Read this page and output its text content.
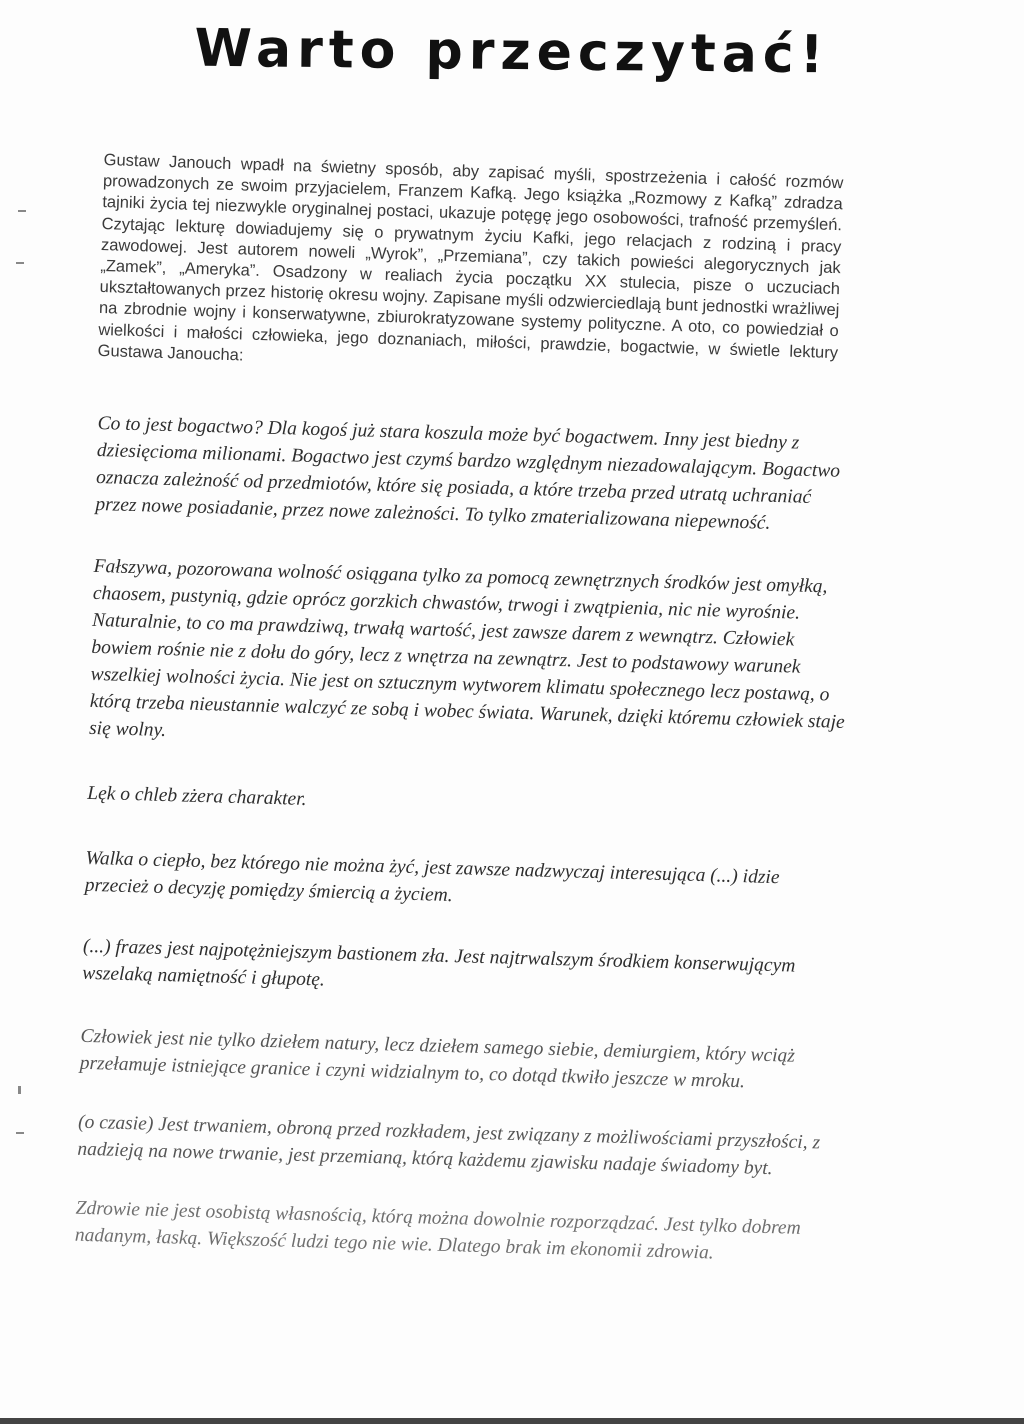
Warto przeczytać!
Gustaw Janouch wpadł na świetny sposób, aby zapisać myśli, spostrzeżenia i całość rozmów prowadzonych ze swoim przyjacielem, Franzem Kafką. Jego książka „Rozmowy z Kafką” zdradza tajniki życia tej niezwykle oryginalnej postaci, ukazuje potęgę jego osobowości, trafność przemyśleń. Czytając lekturę dowiadujemy się o prywatnym życiu Kafki, jego relacjach z rodziną i pracy zawodowej. Jest autorem noweli „Wyrok”, „Przemiana”, czy takich powieści alegorycznych jak „Zamek”, „Ameryka”. Osadzony w realiach życia początku XX stulecia, pisze o uczuciach ukształtowanych przez historię okresu wojny. Zapisane myśli odzwierciedlają bunt jednostki wrażliwej na zbrodnie wojny i konserwatywne, zbiurokratyzowane systemy polityczne. A oto, co powiedział o wielkości i małości człowieka, jego doznaniach, miłości, prawdzie, bogactwie, w świetle lektury Gustawa Janoucha:

Co to jest bogactwo? Dla kogoś już stara koszula może być bogactwem. Inny jest biedny z dziesięcioma milionami. Bogactwo jest czymś bardzo względnym niezadowalającym. Bogactwo oznacza zależność od przedmiotów, które się posiada, a które trzeba przed utratą uchraniać przez nowe posiadanie, przez nowe zależności. To tylko zmaterializowana niepewność.

Fałszywa, pozorowana wolność osiągana tylko za pomocą zewnętrznych środków jest omyłką, chaosem, pustynią, gdzie oprócz gorzkich chwastów, trwogi i zwątpienia, nic nie wyrośnie. Naturalnie, to co ma prawdziwą, trwałą wartość, jest zawsze darem z wewnątrz. Człowiek bowiem rośnie nie z dołu do góry, lecz z wnętrza na zewnątrz. Jest to podstawowy warunek wszelkiej wolności życia. Nie jest on sztucznym wytworem klimatu społecznego lecz postawą, o którą trzeba nieustannie walczyć ze sobą i wobec świata. Warunek, dzięki któremu człowiek staje się wolny.

Lęk o chleb zżera charakter.

Walka o ciepło, bez którego nie można żyć, jest zawsze nadzwyczaj interesująca (...) idzie przecież o decyzję pomiędzy śmiercią a życiem.

(...) frazes jest najpotężniejszym bastionem zła. Jest najtrwalszym środkiem konserwującym wszelaką namiętność i głupotę.

Człowiek jest nie tylko dziełem natury, lecz dziełem samego siebie, demiurgiem, który wciąż przełamuje istniejące granice i czyni widzialnym to, co dotąd tkwiło jeszcze w mroku.

(o czasie) Jest trwaniem, obroną przed rozkładem, jest związany z możliwościami przyszłości, z nadzieją na nowe trwanie, jest przemianą, którą każdemu zjawisku nadaje świadomy byt.

Zdrowie nie jest osobistą własnością, którą można dowolnie rozporządzać. Jest tylko dobrem nadanym, łaską. Większość ludzi tego nie wie. Dlatego brak im ekonomii zdrowia.
